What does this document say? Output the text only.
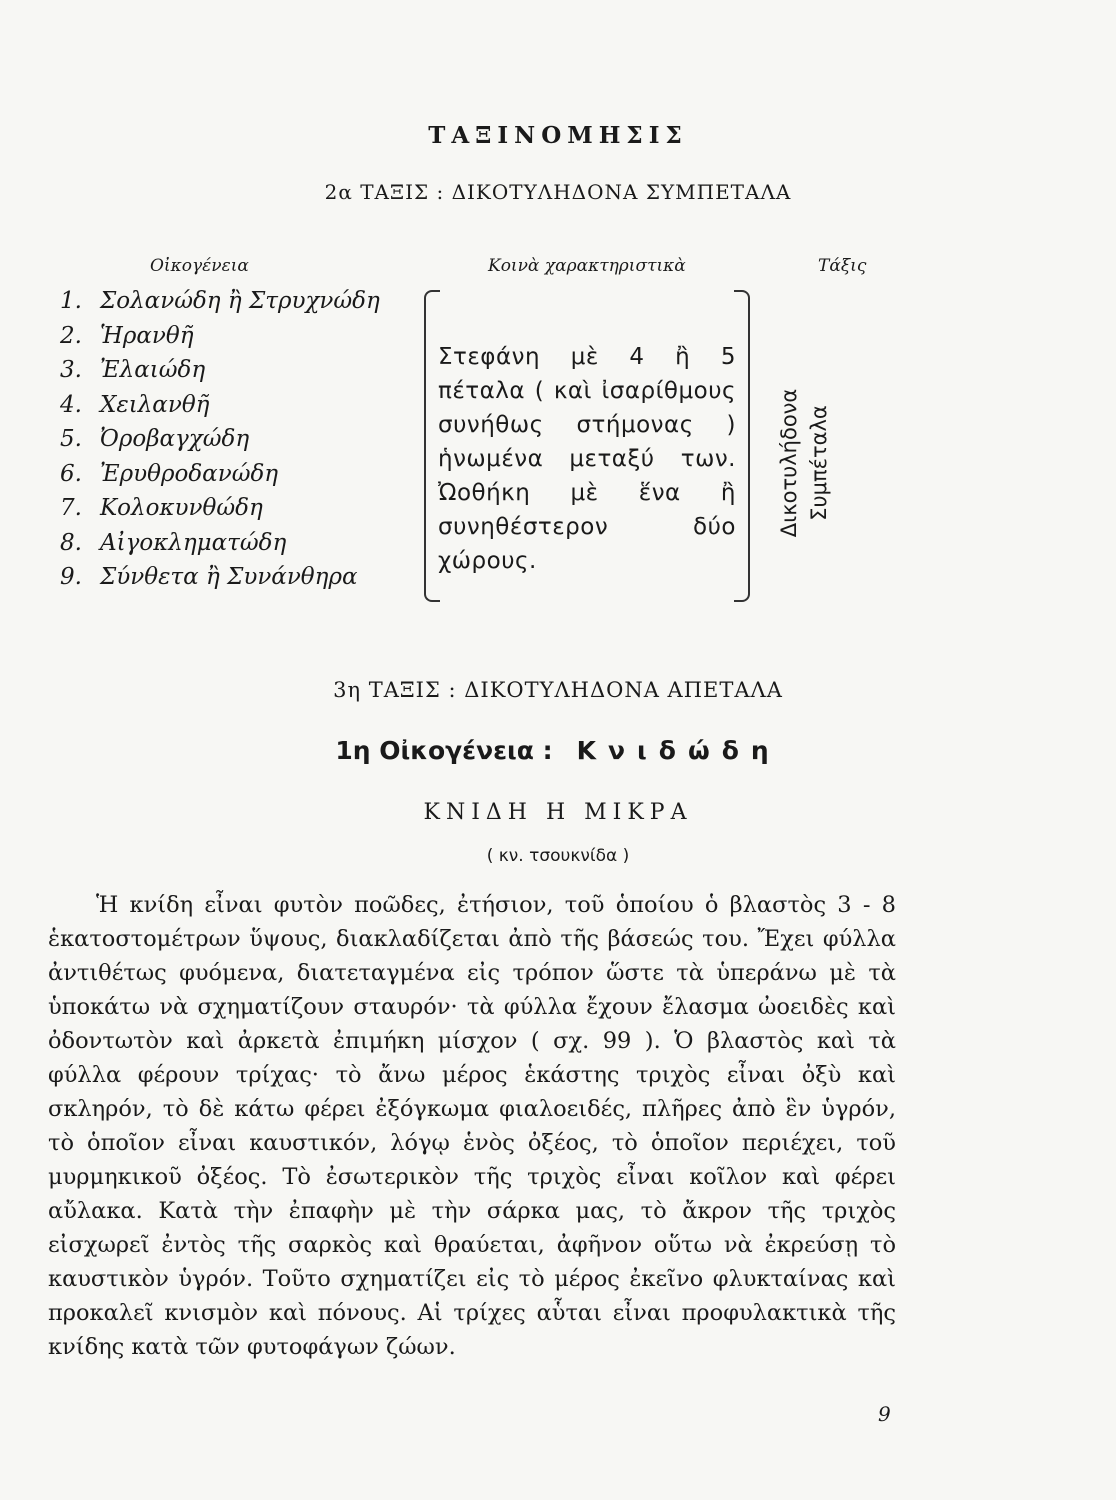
ΤΑΞΙΝΟΜΗΣΙΣ
2α ΤΑΞΙΣ : ΔΙΚΟΤΥΛΗΔΟΝΑ ΣΥΜΠΕΤΑΛΑ
Οἰκογένεια	Κοινὰ χαρακτηριστικὰ	Τάξις
1. Σολανώδη ἢ Στρυχνώδη
2. Ἡρανθῆ
3. Ἐλαιώδη
4. Χειλανθῆ
5. Ὀροβαγχώδη
6. Ἐρυθροδανώδη
7. Κολοκυνθώδη
8. Αἰγοκληματώδη
9. Σύνθετα ἢ Συνάνθηρα
Στεφάνη μὲ 4 ἢ 5 πέταλα ( καὶ ἰσαρίθμους συνήθως στήμονας ) ἡνωμένα μεταξύ των. Ὠοθήκη μὲ ἕνα ἢ συνηθέστερον δύο χώρους.
Δικοτυλήδονα Συμπέταλα
3η ΤΑΞΙΣ : ΔΙΚΟΤΥΛΗΔΟΝΑ ΑΠΕΤΑΛΑ
1η Οἰκογένεια : Κνιδώδη
ΚΝΙΔΗ Η ΜΙΚΡΑ
( κν. τσουκνίδα )
Ἡ κνίδη εἶναι φυτὸν ποῶδες, ἐτήσιον, τοῦ ὁποίου ὁ βλαστὸς 3 - 8 ἑκατοστομέτρων ὕψους, διακλαδίζεται ἀπὸ τῆς βάσεώς του. Ἔχει φύλλα ἀντιθέτως φυόμενα, διατεταγμένα εἰς τρόπον ὥστε τὰ ὑπεράνω μὲ τὰ ὑποκάτω νὰ σχηματίζουν σταυρόν· τὰ φύλλα ἔχουν ἔλασμα ὠοειδὲς καὶ ὀδοντωτὸν καὶ ἀρκετὰ ἐπιμήκη μίσχον ( σχ. 99 ). Ὁ βλαστὸς καὶ τὰ φύλλα φέρουν τρίχας· τὸ ἄνω μέρος ἑκάστης τριχὸς εἶναι ὀξὺ καὶ σκληρόν, τὸ δὲ κάτω φέρει ἐξόγκωμα φιαλοειδές, πλῆρες ἀπὸ ἓν ὑγρόν, τὸ ὁποῖον εἶναι καυστικόν, λόγῳ ἑνὸς ὀξέος, τὸ ὁποῖον περιέχει, τοῦ μυρμηκικοῦ ὀξέος. Τὸ ἐσωτερικὸν τῆς τριχὸς εἶναι κοῖλον καὶ φέρει αὔλακα. Κατὰ τὴν ἐπαφὴν μὲ τὴν σάρκα μας, τὸ ἄκρον τῆς τριχὸς εἰσχωρεῖ ἐντὸς τῆς σαρκὸς καὶ θραύεται, ἀφῆνον οὕτω νὰ ἐκρεύσῃ τὸ καυστικὸν ὑγρόν. Τοῦτο σχηματίζει εἰς τὸ μέρος ἐκεῖνο φλυκταίνας καὶ προκαλεῖ κνισμὸν καὶ πόνους. Αἱ τρίχες αὗται εἶναι προφυλακτικὰ τῆς κνίδης κατὰ τῶν φυτοφάγων ζώων.
9
